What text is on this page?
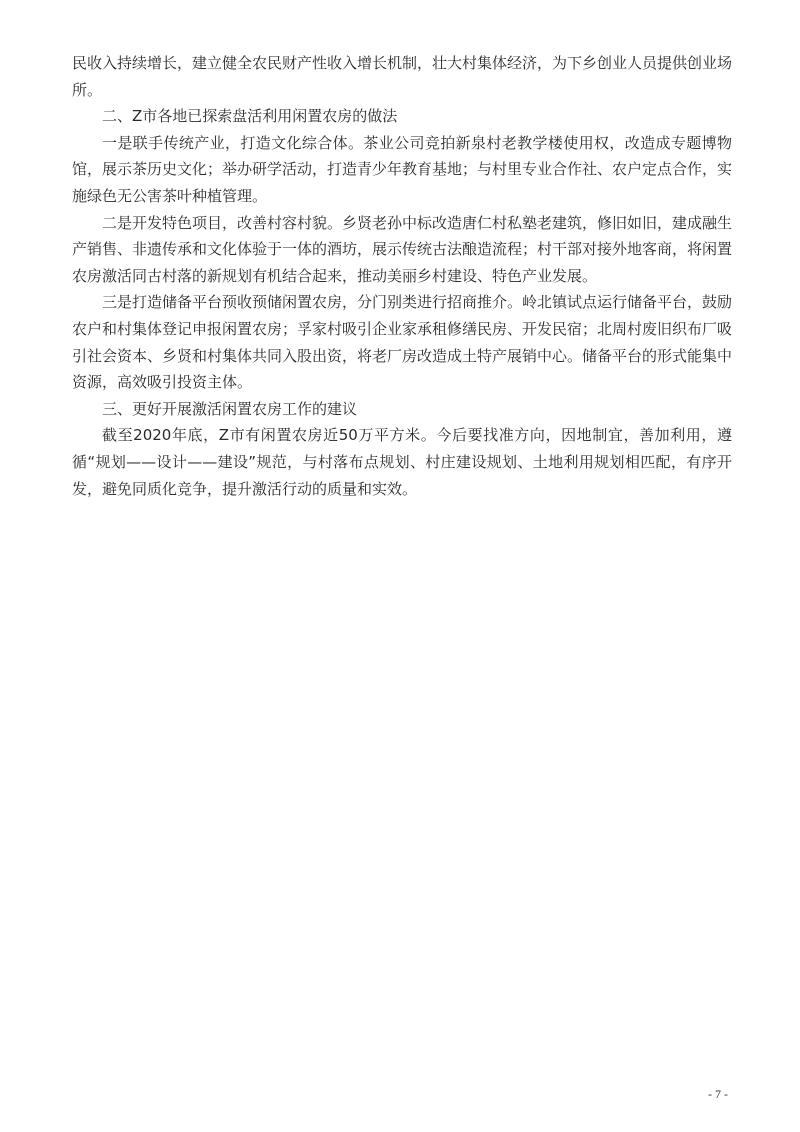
民收入持续增长，建立健全农民财产性收入增长机制，壮大村集体经济，为下乡创业人员提供创业场所。

二、Z市各地已探索盘活利用闲置农房的做法

一是联手传统产业，打造文化综合体。茶业公司竞拍新泉村老教学楼使用权，改造成专题博物馆，展示茶历史文化；举办研学活动，打造青少年教育基地；与村里专业合作社、农户定点合作，实施绿色无公害茶叶种植管理。

二是开发特色项目，改善村容村貌。乡贤老孙中标改造唐仁村私塾老建筑，修旧如旧，建成融生产销售、非遗传承和文化体验于一体的酒坊，展示传统古法酿造流程；村干部对接外地客商，将闲置农房激活同古村落的新规划有机结合起来，推动美丽乡村建设、特色产业发展。

三是打造储备平台预收预储闲置农房，分门别类进行招商推介。岭北镇试点运行储备平台，鼓励农户和村集体登记申报闲置农房；孚家村吸引企业家承租修缮民房、开发民宿；北周村废旧织布厂吸引社会资本、乡贤和村集体共同入股出资，将老厂房改造成土特产展销中心。储备平台的形式能集中资源，高效吸引投资主体。

三、更好开展激活闲置农房工作的建议

截至2020年底，Z市有闲置农房近50万平方米。今后要找准方向，因地制宜，善加利用，遵循“规划——设计——建设”规范，与村落布点规划、村庄建设规划、土地利用规划相匹配，有序开发，避免同质化竞争，提升激活行动的质量和实效。

- 7 -
